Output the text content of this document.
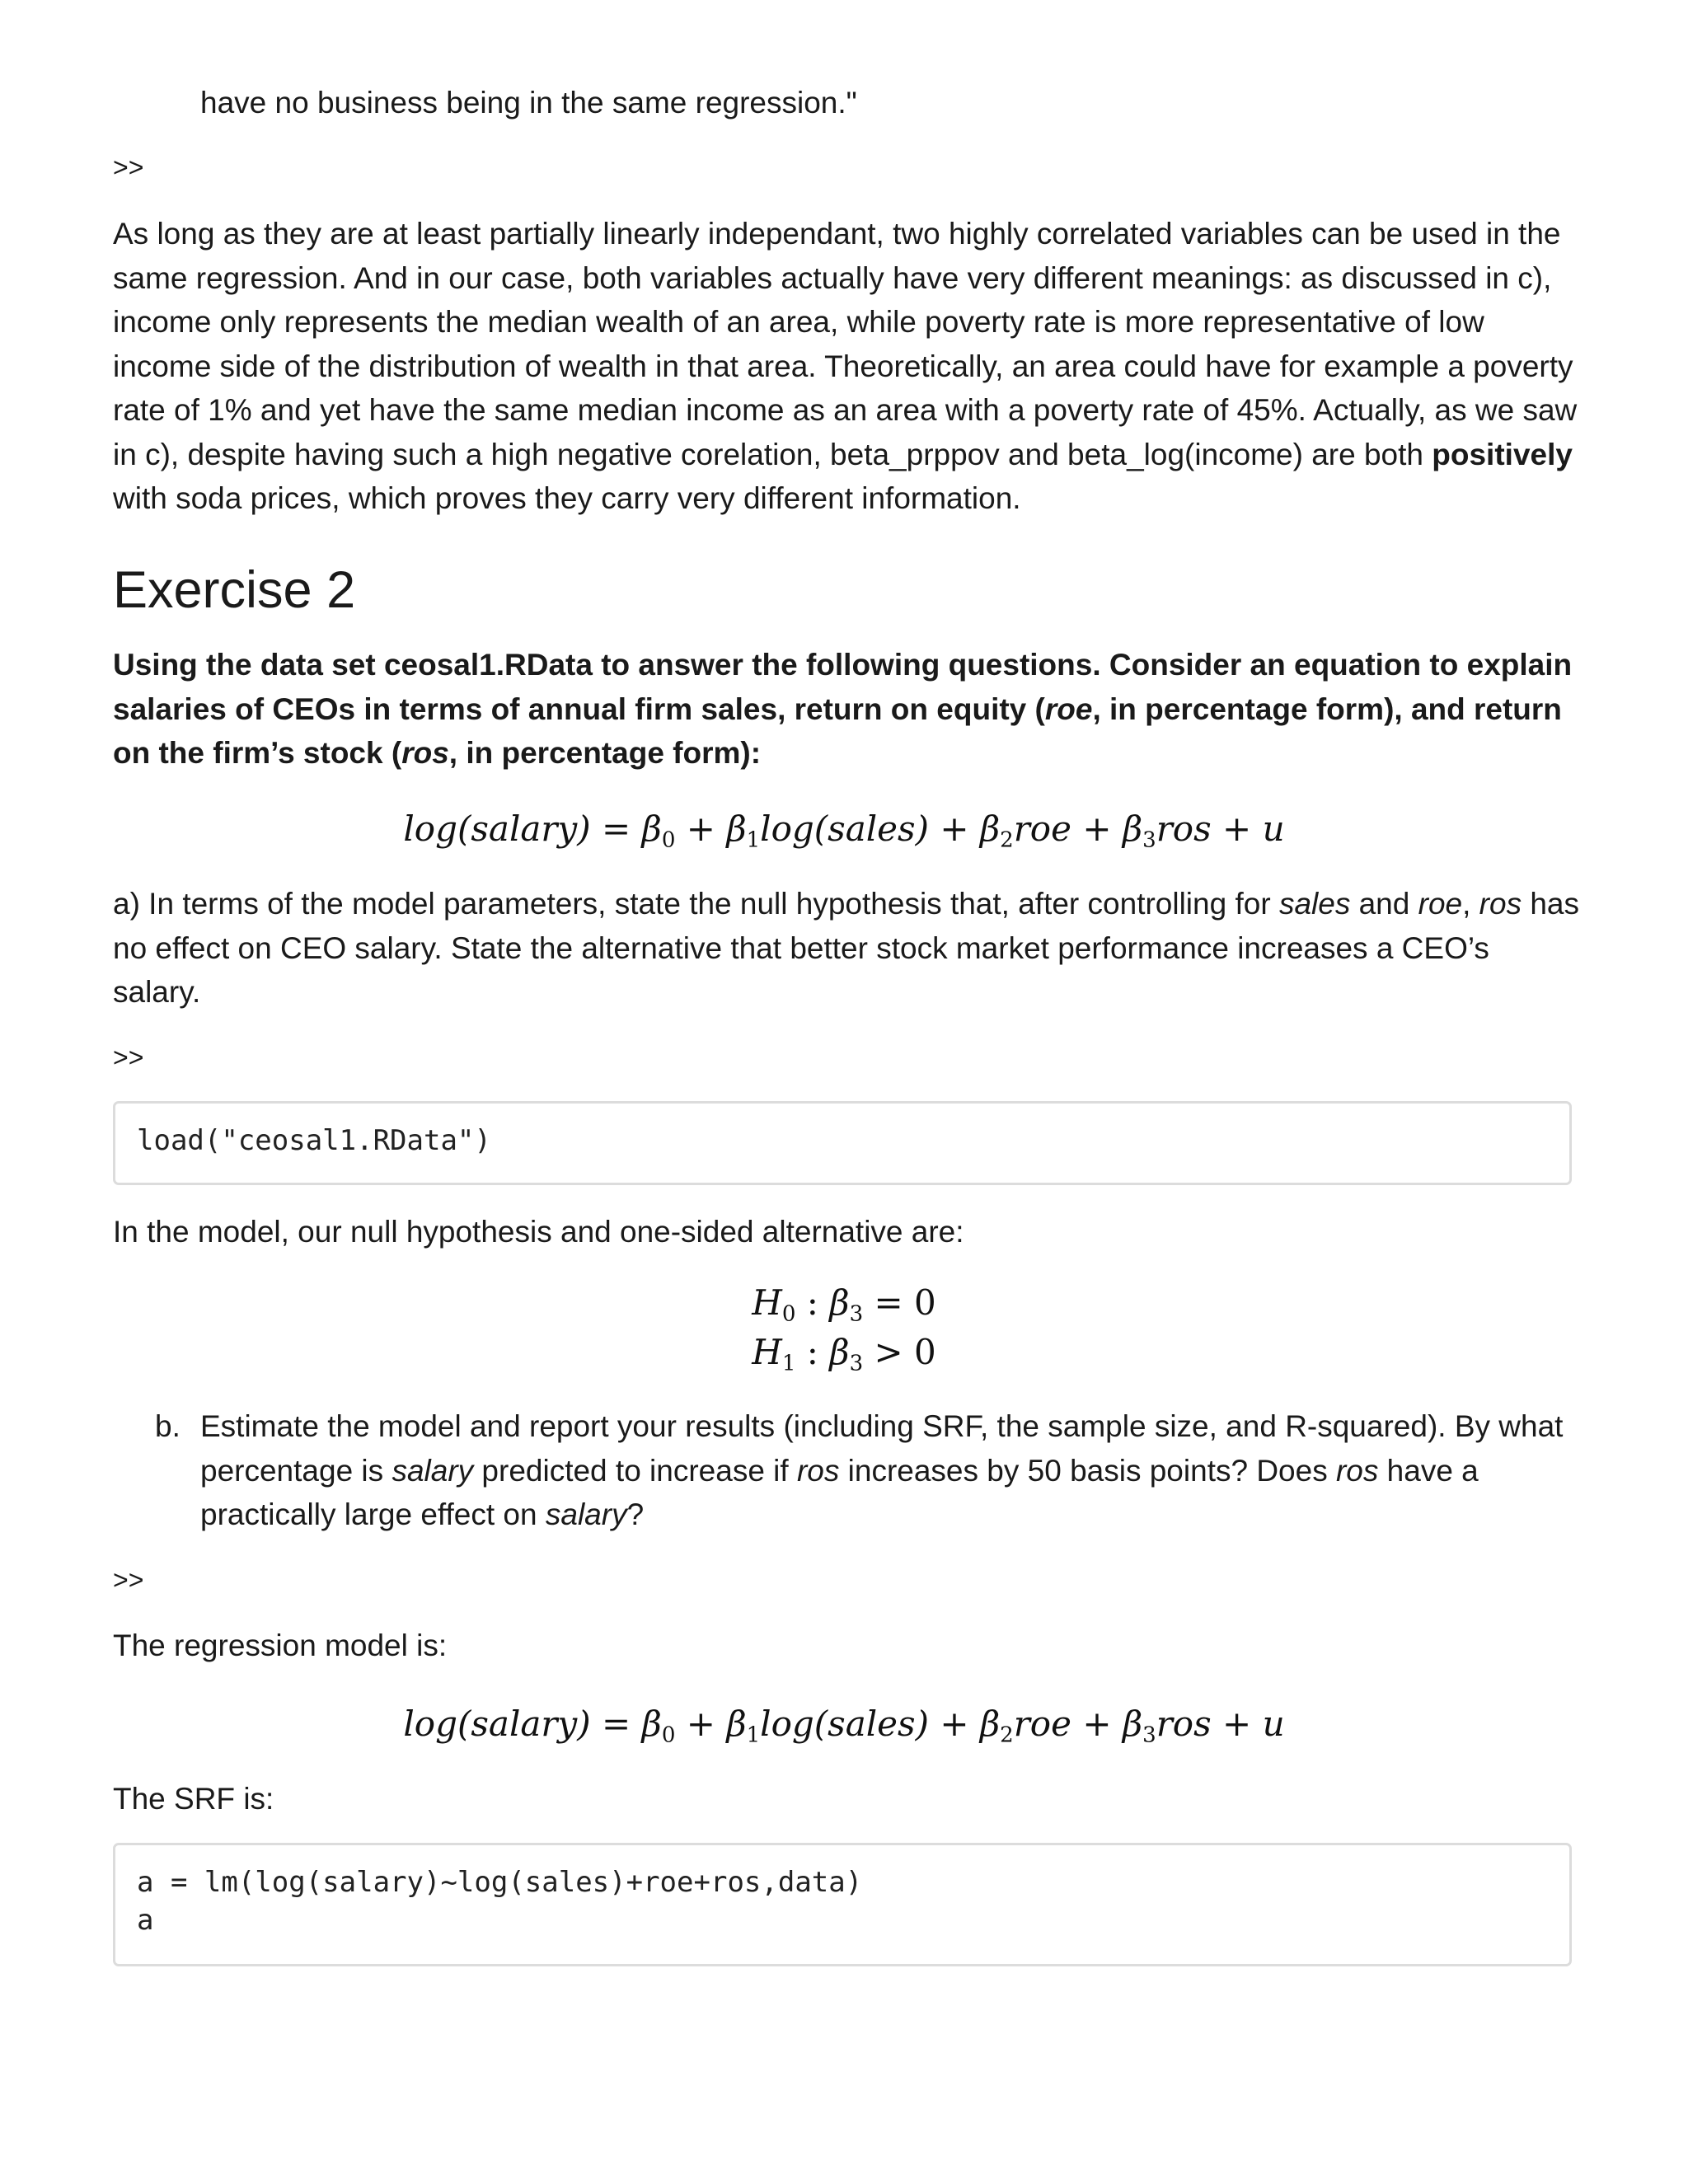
have no business being in the same regression."
>>
As long as they are at least partially linearly independant, two highly correlated variables can be used in the same regression. And in our case, both variables actually have very different meanings: as discussed in c), income only represents the median wealth of an area, while poverty rate is more representative of low income side of the distribution of wealth in that area. Theoretically, an area could have for example a poverty rate of 1% and yet have the same median income as an area with a poverty rate of 45%. Actually, as we saw in c), despite having such a high negative corelation, beta_prppov and beta_log(income) are both positively with soda prices, which proves they carry very different information.
Exercise 2
Using the data set ceosal1.RData to answer the following questions. Consider an equation to explain salaries of CEOs in terms of annual firm sales, return on equity (roe, in percentage form), and return on the firm’s stock (ros, in percentage form):
log(salary) = $\beta_0$ + $\beta_1\log(sales) + \beta_2roe + \beta_3ros + u$
a) In terms of the model parameters, state the null hypothesis that, after controlling for sales and roe, ros has no effect on CEO salary. State the alternative that better stock market performance increases a CEO’s salary.
>>
load("ceosal1.RData")
In the model, our null hypothesis and one-sided alternative are:
$H_0$ : $\beta_3 = 0$
$H_1$ : $\beta_3 > 0$
b. Estimate the model and report your results (including SRF, the sample size, and R-squared). By what percentage is salary predicted to increase if ros increases by 50 basis points? Does ros have a practically large effect on salary?
>>
The regression model is:
log(salary) = $\beta_0$ + $\beta_1\log(sales) + \beta_2roe + \beta_3ros + u$
The SRF is:
a = lm(log(salary)~log(sales)+roe+ros,data)
a
